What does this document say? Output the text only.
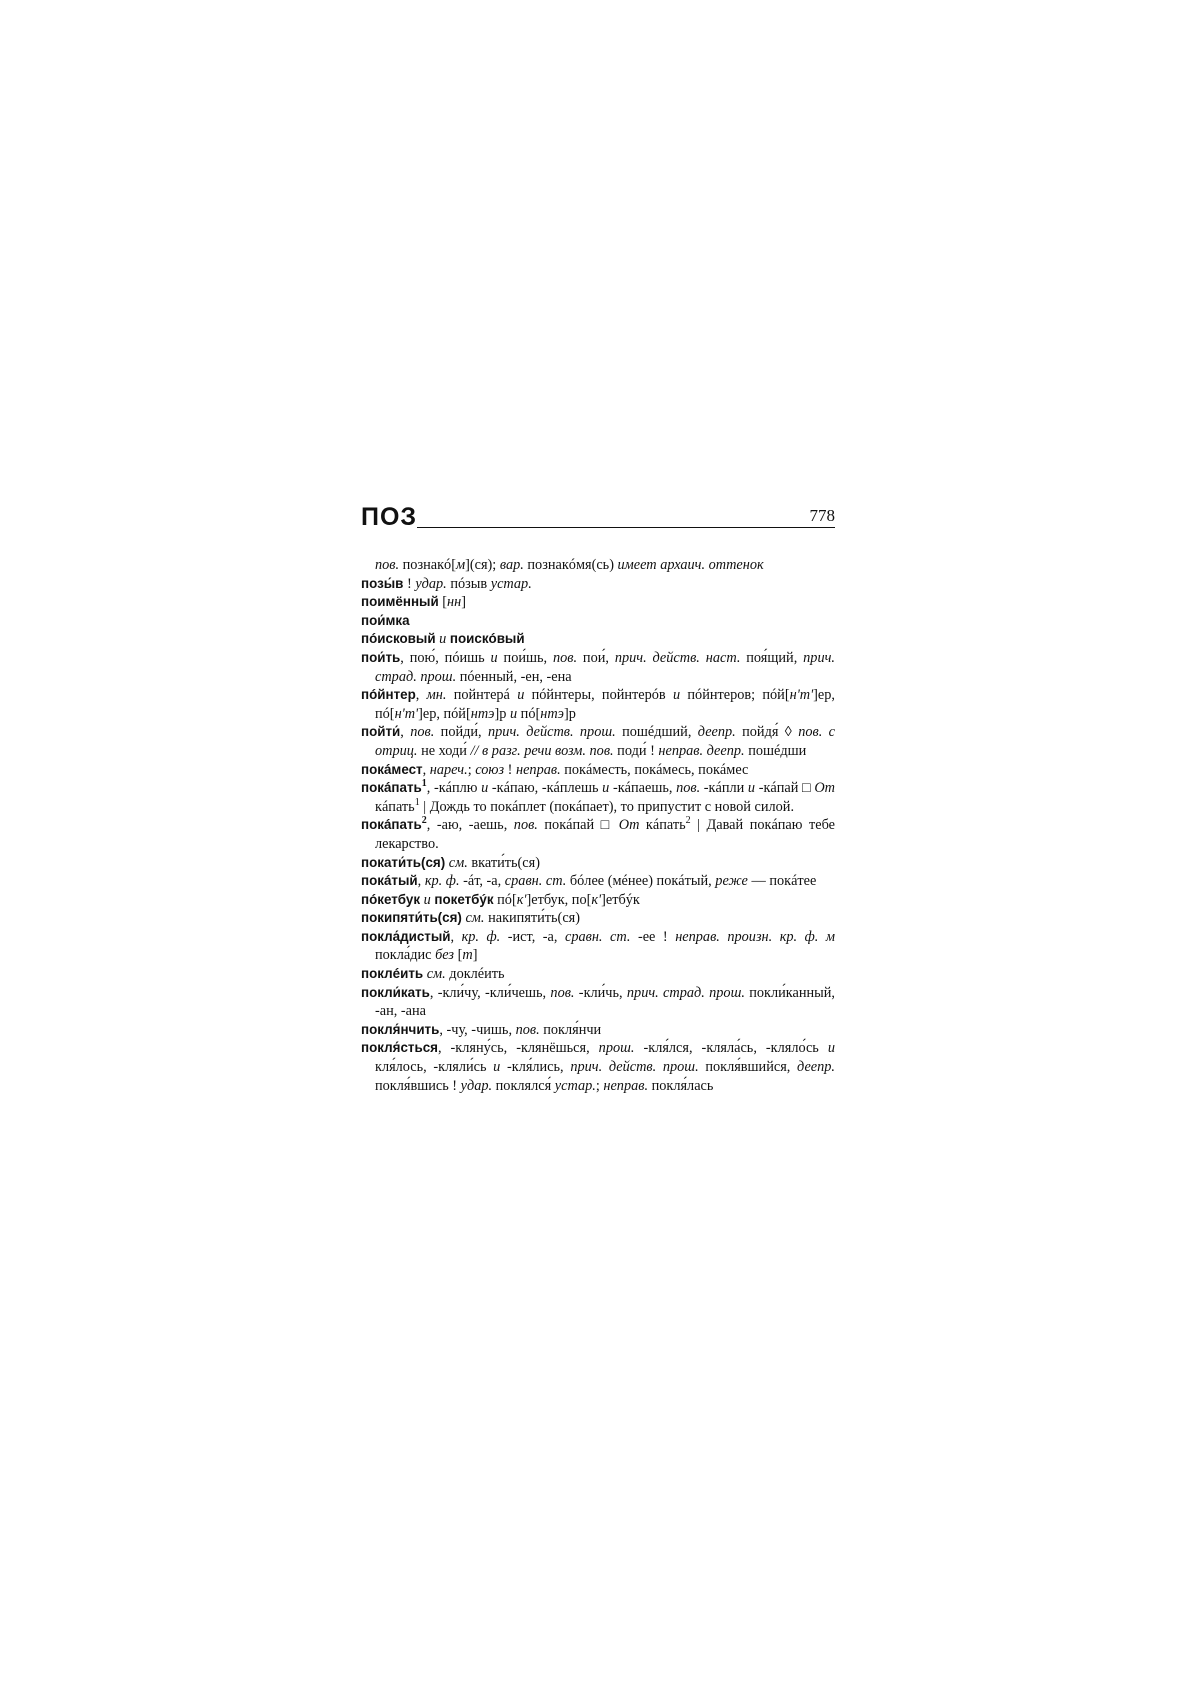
ПОЗ	778

пов. познакó[м](ся); вар. познакóмя(сь) имеет архаич. оттенок

позы́в ! удар. пóзыв устар.

поимённый [нн]

пои́мка

пóисковый и поискóвый

пои́ть, пою́, пóишь и пои́шь, пов. пои́, прич. действ. наст. поя́щий, прич. страд. прош. пóенный, -ен, -ена

пóйнтер, мн. пойнтерá и пóйнтеры, пойнтерóв и пóйнтеров; пóй[н'т']ер, пó[н'т']ер, пóй[нтэ]р и пó[нтэ]р

пойти́, пов. пойди́, прич. действ. прош. пошéдший, деепр. пойдя́ ◊ пов. с отриц. не ходи́ // в разг. речи возм. пов. поди́ ! неправ. деепр. пошéдши

покáмест, нареч.; союз ! неправ. покáместь, покáмесь, покáмес

покáпать$^1$, -кáплю и -кáпаю, -кáплешь и -кáпаешь, пов. -кáпли и -кáпай □ От кáпать$^1$ | Дождь то покáплет (покáпает), то припустит с новой силой.

покáпать$^2$, -аю, -аешь, пов. покáпай □ От кáпать$^2$ | Давай покáпаю тебе лекарство.

покати́ть(ся) см. вкати́ть(ся)

покáтый, кр. ф. -áт, -а, сравн. ст. бóлее (мéнее) покáтый, реже — покáтее

пóкетбук и покетбýк пó[к']етбук, по[к']етбýк

покипяти́ть(ся) см. накипяти́ть(ся)

покла́дистый, кр. ф. -ист, -а, сравн. ст. -ее ! неправ. произн. кр. ф. м покла́дис без [т]

поклéить см. доклéить

покли́кать, -кли́чу, -кли́чешь, пов. -кли́чь, прич. страд. прош. покли́канный, -ан, -ана

покля́нчить, -чу, -чишь, пов. покля́нчи

покля́сться, -кляну́сь, -клянёшься, прош. -кля́лся, -кляла́сь, -кляло́сь и кля́лось, -кляли́сь и -кля́лись, прич. действ. прош. покля́вшийся, деепр. покля́вшись ! удар. поклялся́ устар.; неправ. покля́лась
